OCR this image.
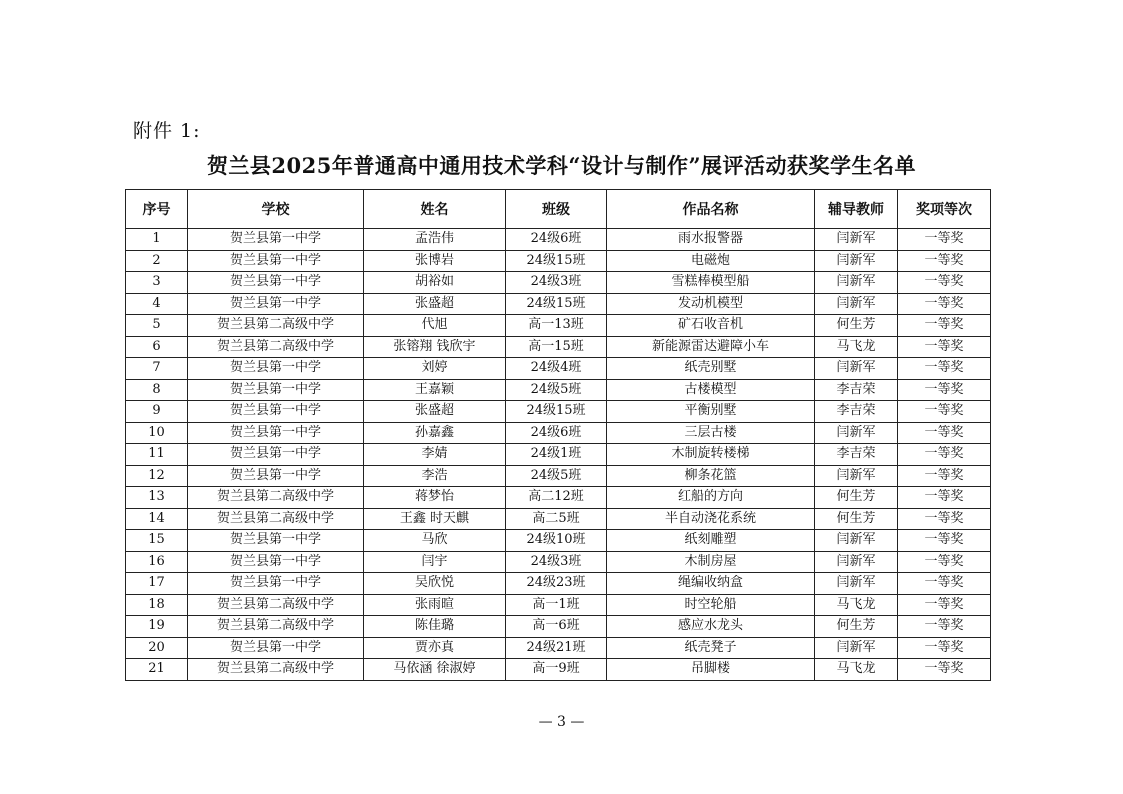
附件 1:
贺兰县2025年普通高中通用技术学科“设计与制作”展评活动获奖学生名单
序号	学校	姓名	班级	作品名称	辅导教师	奖项等次
1	贺兰县第一中学	孟浩伟	24级6班	雨水报警器	闫新军	一等奖
2	贺兰县第一中学	张博岩	24级15班	电磁炮	闫新军	一等奖
3	贺兰县第一中学	胡裕如	24级3班	雪糕棒模型船	闫新军	一等奖
4	贺兰县第一中学	张盛超	24级15班	发动机模型	闫新军	一等奖
5	贺兰县第二高级中学	代旭	高一13班	矿石收音机	何生芳	一等奖
6	贺兰县第二高级中学	张镕翔 钱欣宇	高一15班	新能源雷达避障小车	马飞龙	一等奖
7	贺兰县第一中学	刘婷	24级4班	纸壳别墅	闫新军	一等奖
8	贺兰县第一中学	王嘉颖	24级5班	古楼模型	李吉荣	一等奖
9	贺兰县第一中学	张盛超	24级15班	平衡别墅	李吉荣	一等奖
10	贺兰县第一中学	孙嘉鑫	24级6班	三层古楼	闫新军	一等奖
11	贺兰县第一中学	李婧	24级1班	木制旋转楼梯	李吉荣	一等奖
12	贺兰县第一中学	李浩	24级5班	柳条花篮	闫新军	一等奖
13	贺兰县第二高级中学	蒋梦怡	高二12班	红船的方向	何生芳	一等奖
14	贺兰县第二高级中学	王鑫 时天麒	高二5班	半自动浇花系统	何生芳	一等奖
15	贺兰县第一中学	马欣	24级10班	纸刻雕塑	闫新军	一等奖
16	贺兰县第一中学	闫宇	24级3班	木制房屋	闫新军	一等奖
17	贺兰县第一中学	吴欣悦	24级23班	绳编收纳盒	闫新军	一等奖
18	贺兰县第二高级中学	张雨暄	高一1班	时空轮船	马飞龙	一等奖
19	贺兰县第二高级中学	陈佳璐	高一6班	感应水龙头	何生芳	一等奖
20	贺兰县第一中学	贾亦真	24级21班	纸壳凳子	闫新军	一等奖
21	贺兰县第二高级中学	马依涵 徐淑婷	高一9班	吊脚楼	马飞龙	一等奖
— 3 —
